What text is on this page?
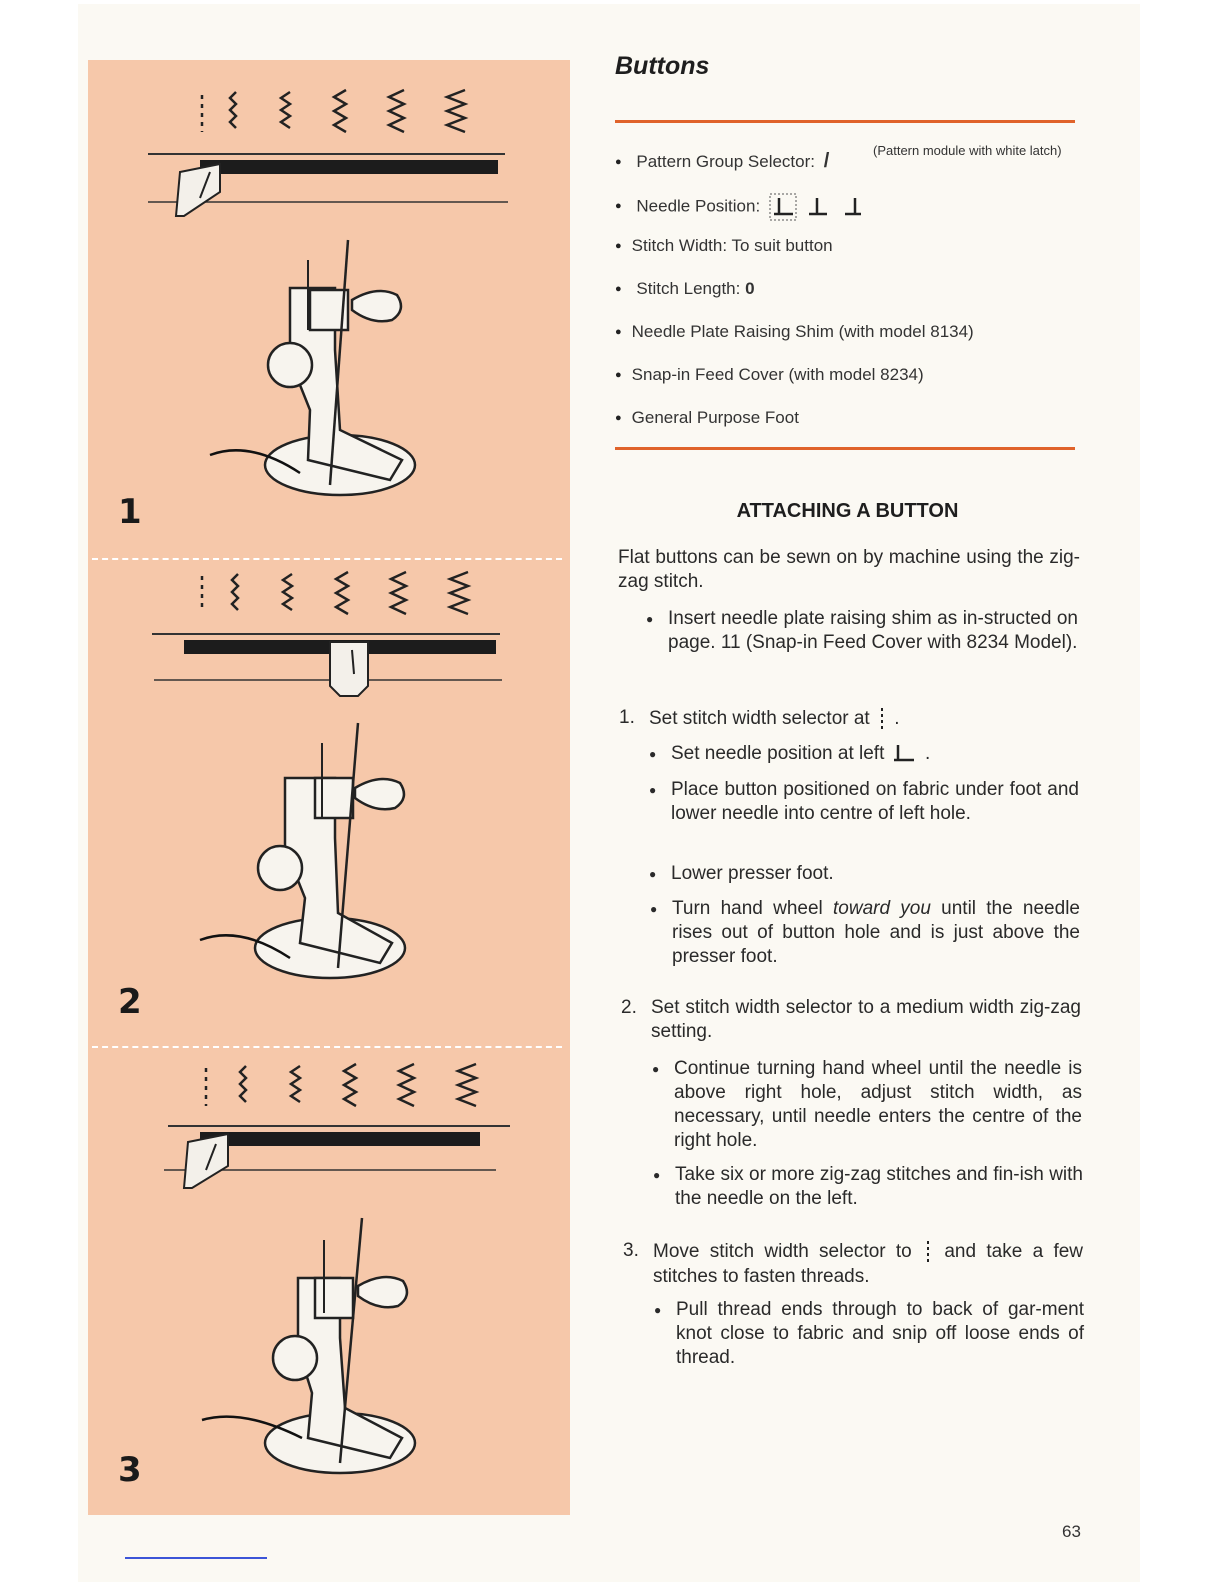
1
2
3
Buttons
● Pattern Group Selector: /	(Pattern module with white latch)
● Needle Position:
● Stitch Width: To suit button
● Stitch Length: 0
● Needle Plate Raising Shim (with model 8134)
● Snap-in Feed Cover (with model 8234)
● General Purpose Foot
ATTACHING A BUTTON

Flat buttons can be sewn on by machine using the zig-zag stitch.

● Insert needle plate raising shim as in-structed on page. 11 (Snap-in Feed Cover with 8234 Model).

1. Set stitch width selector at .

● Set needle position at left .

● Place button positioned on fabric under foot and lower needle into centre of left hole.

● Lower presser foot.

● Turn hand wheel toward you until the needle rises out of button hole and is just above the presser foot.

2. Set stitch width selector to a medium width zig-zag setting.

● Continue turning hand wheel until the needle is above right hole, adjust stitch width, as necessary, until needle enters the centre of the right hole.

● Take six or more zig-zag stitches and fin-ish with the needle on the left.

3. Move stitch width selector to and take a few stitches to fasten threads.

● Pull thread ends through to back of gar-ment knot close to fabric and snip off loose ends of thread.

63
